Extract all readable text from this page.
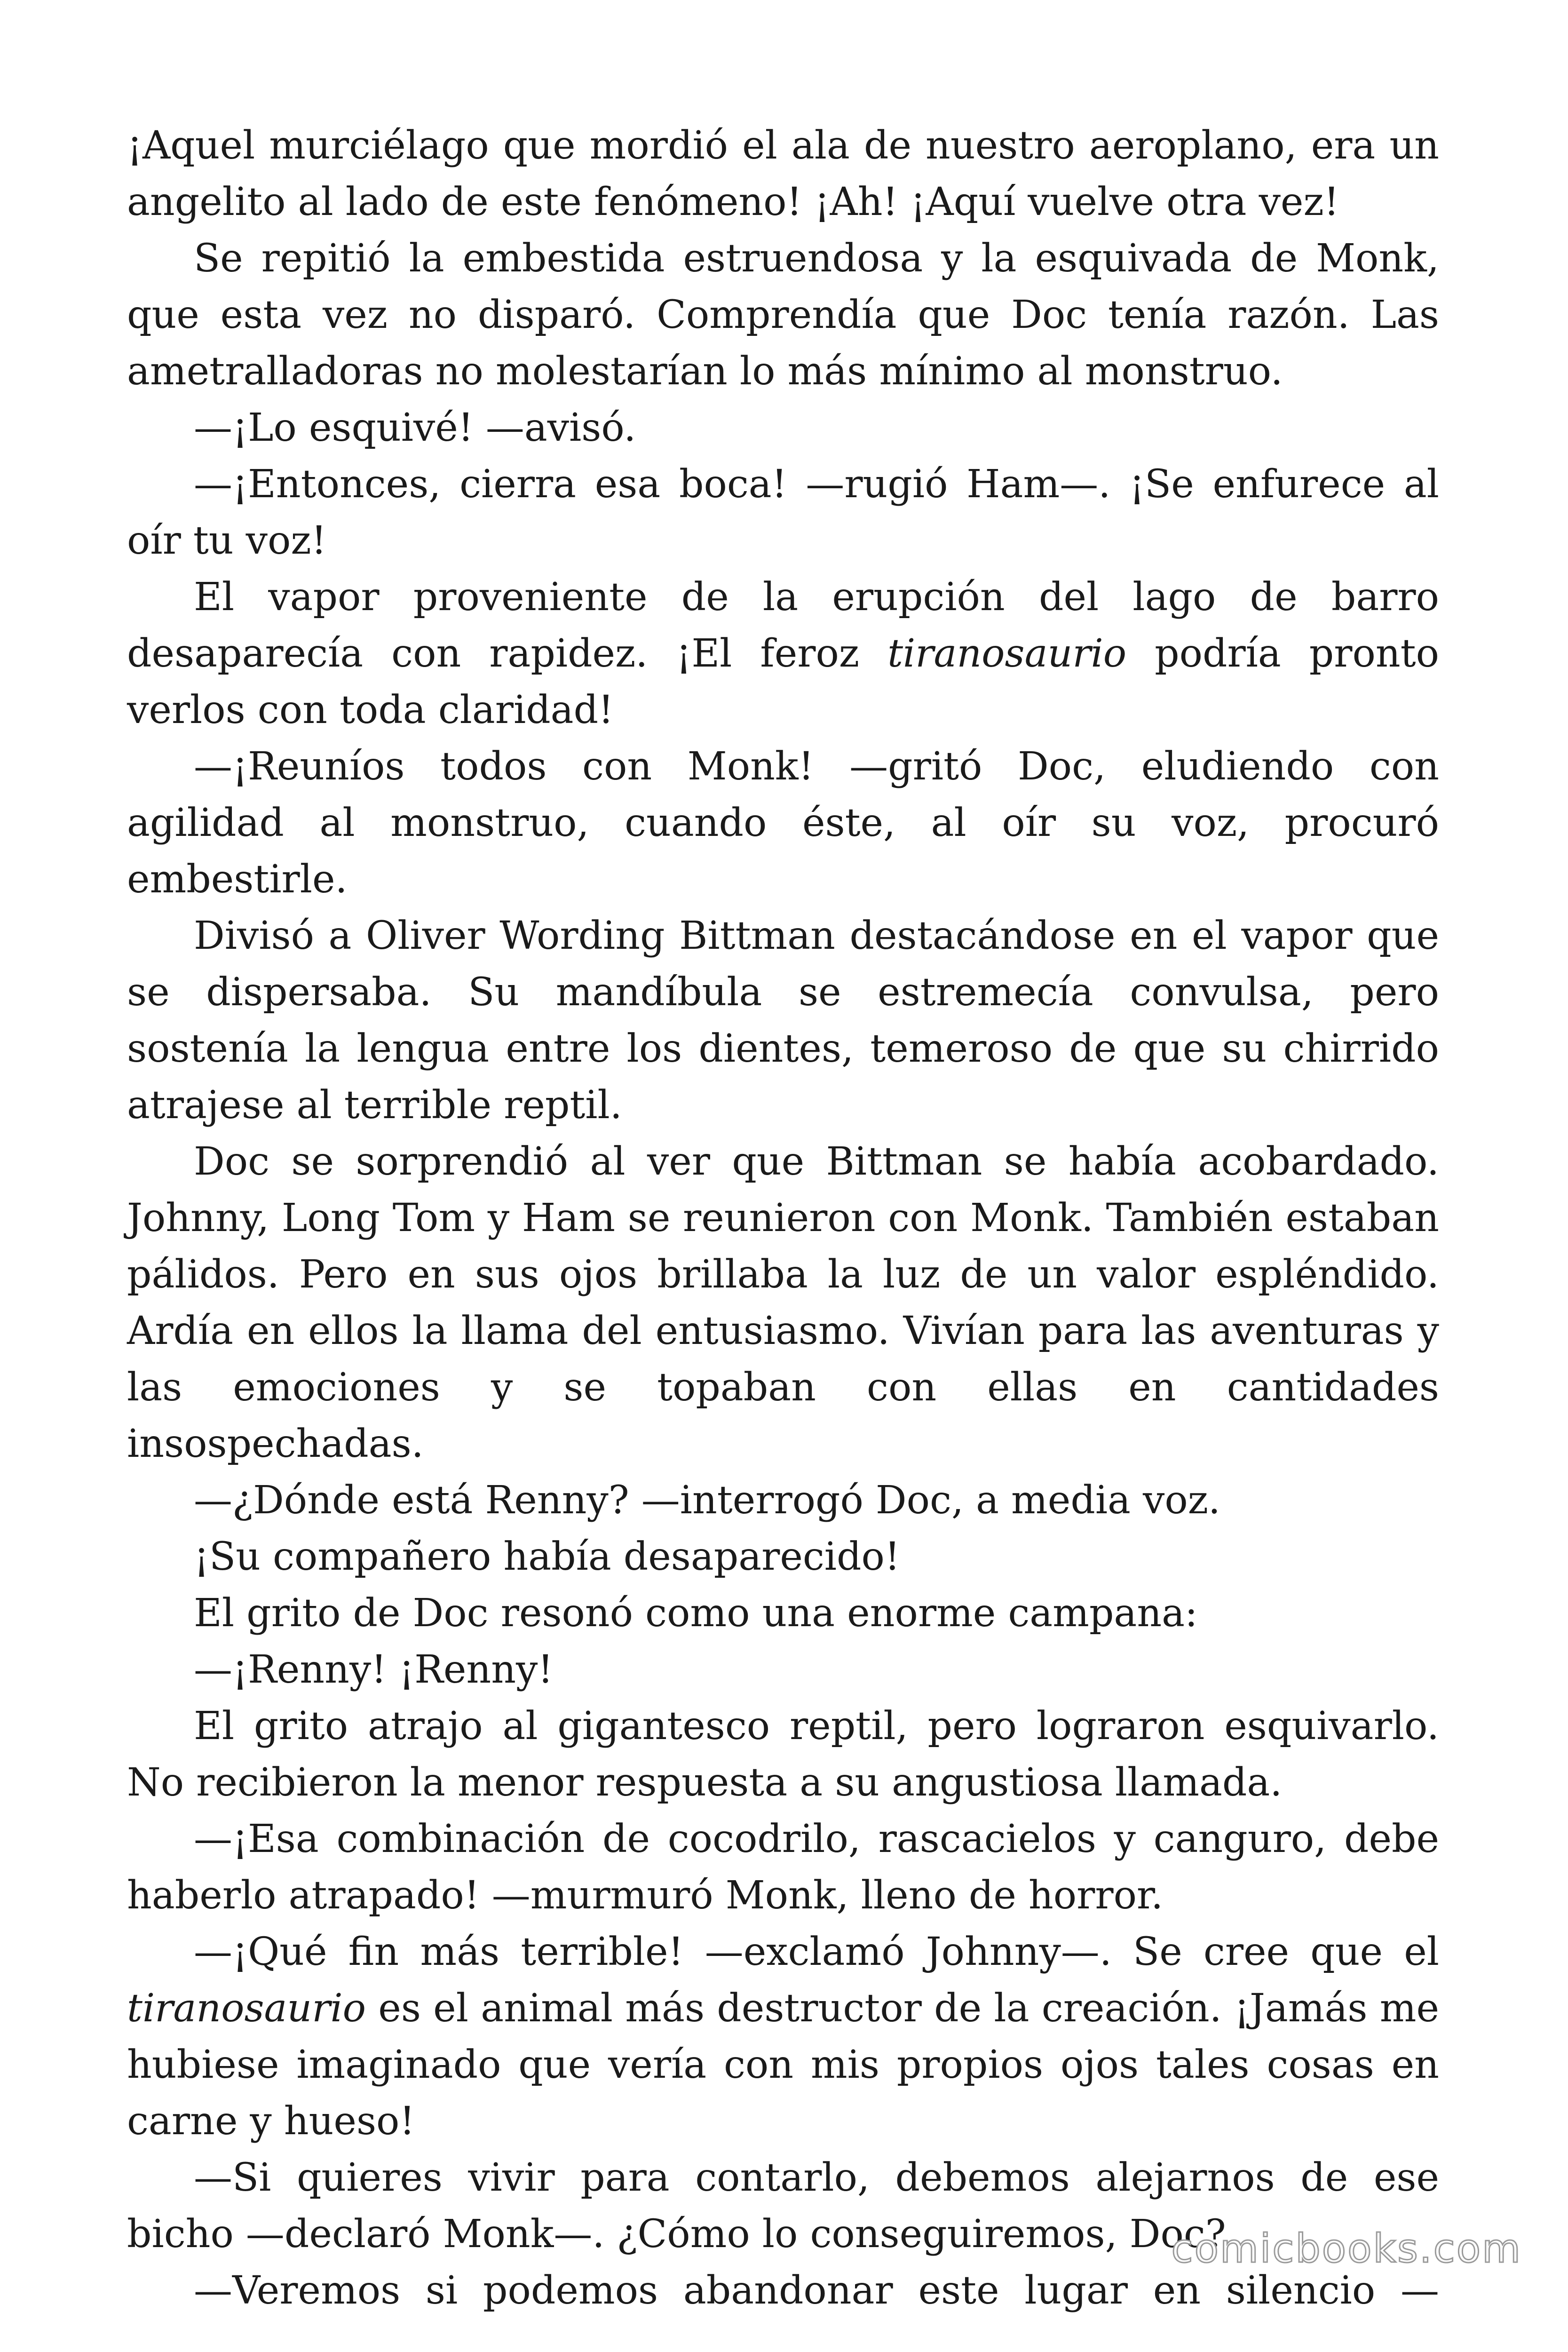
¡Aquel murciélago que mordió el ala de nuestro aeroplano, era un angelito al lado de este fenómeno! ¡Ah! ¡Aquí vuelve otra vez!

Se repitió la embestida estruendosa y la esquivada de Monk, que esta vez no disparó. Comprendía que Doc tenía razón. Las ametralladoras no molestarían lo más mínimo al monstruo.

—¡Lo esquivé! —avisó.

—¡Entonces, cierra esa boca! —rugió Ham—. ¡Se enfurece al oír tu voz!

El vapor proveniente de la erupción del lago de barro desaparecía con rapidez. ¡El feroz tiranosaurio podría pronto verlos con toda claridad!

—¡Reuníos todos con Monk! —gritó Doc, eludiendo con agilidad al monstruo, cuando éste, al oír su voz, procuró embestirle.

Divisó a Oliver Wording Bittman destacándose en el vapor que se dispersaba. Su mandíbula se estremecía convulsa, pero sostenía la lengua entre los dientes, temeroso de que su chirrido atrajese al terrible reptil.

Doc se sorprendió al ver que Bittman se había acobardado. Johnny, Long Tom y Ham se reunieron con Monk. También estaban pálidos. Pero en sus ojos brillaba la luz de un valor espléndido. Ardía en ellos la llama del entusiasmo. Vivían para las aventuras y las emociones y se topaban con ellas en cantidades insospechadas.

—¿Dónde está Renny? —interrogó Doc, a media voz.

¡Su compañero había desaparecido!

El grito de Doc resonó como una enorme campana:

—¡Renny! ¡Renny!

El grito atrajo al gigantesco reptil, pero lograron esquivarlo. No recibieron la menor respuesta a su angustiosa llamada.

—¡Esa combinación de cocodrilo, rascacielos y canguro, debe haberlo atrapado! —murmuró Monk, lleno de horror.

—¡Qué fin más terrible! —exclamó Johnny—. Se cree que el tiranosaurio es el animal más destructor de la creación. ¡Jamás me hubiese imaginado que vería con mis propios ojos tales cosas en carne y hueso!

—Si quieres vivir para contarlo, debemos alejarnos de ese bicho —declaró Monk—. ¿Cómo lo conseguiremos, Doc?

—Veremos si podemos abandonar este lugar en silencio —

comicbooks.com
